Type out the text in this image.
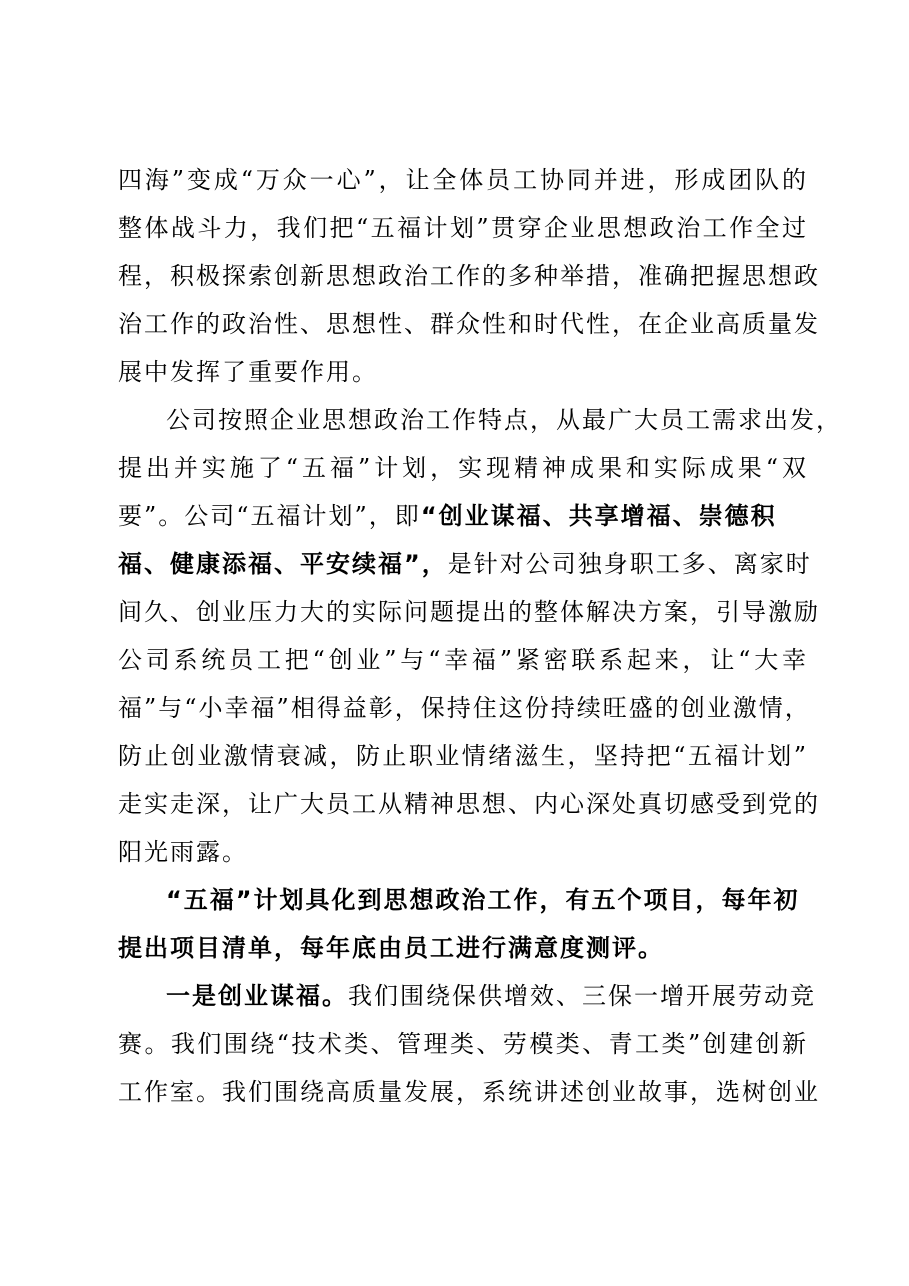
四海”变成“万众一心”，让全体员工协同并进，形成团队的
整体战斗力，我们把“五福计划”贯穿企业思想政治工作全过
程，积极探索创新思想政治工作的多种举措，准确把握思想政
治工作的政治性、思想性、群众性和时代性，在企业高质量发
展中发挥了重要作用。
公司按照企业思想政治工作特点，从最广大员工需求出发，
提出并实施了“五福”计划，实现精神成果和实际成果“双
要”。公司“五福计划”，即“创业谋福、共享增福、崇德积
福、健康添福、平安续福”，是针对公司独身职工多、离家时
间久、创业压力大的实际问题提出的整体解决方案，引导激励
公司系统员工把“创业”与“幸福”紧密联系起来，让“大幸
福”与“小幸福”相得益彰，保持住这份持续旺盛的创业激情，
防止创业激情衰减，防止职业情绪滋生，坚持把“五福计划”
走实走深，让广大员工从精神思想、内心深处真切感受到党的
阳光雨露。
“五福”计划具化到思想政治工作，有五个项目，每年初
提出项目清单，每年底由员工进行满意度测评。
一是创业谋福。我们围绕保供增效、三保一增开展劳动竞
赛。我们围绕“技术类、管理类、劳模类、青工类”创建创新
工作室。我们围绕高质量发展，系统讲述创业故事，选树创业
